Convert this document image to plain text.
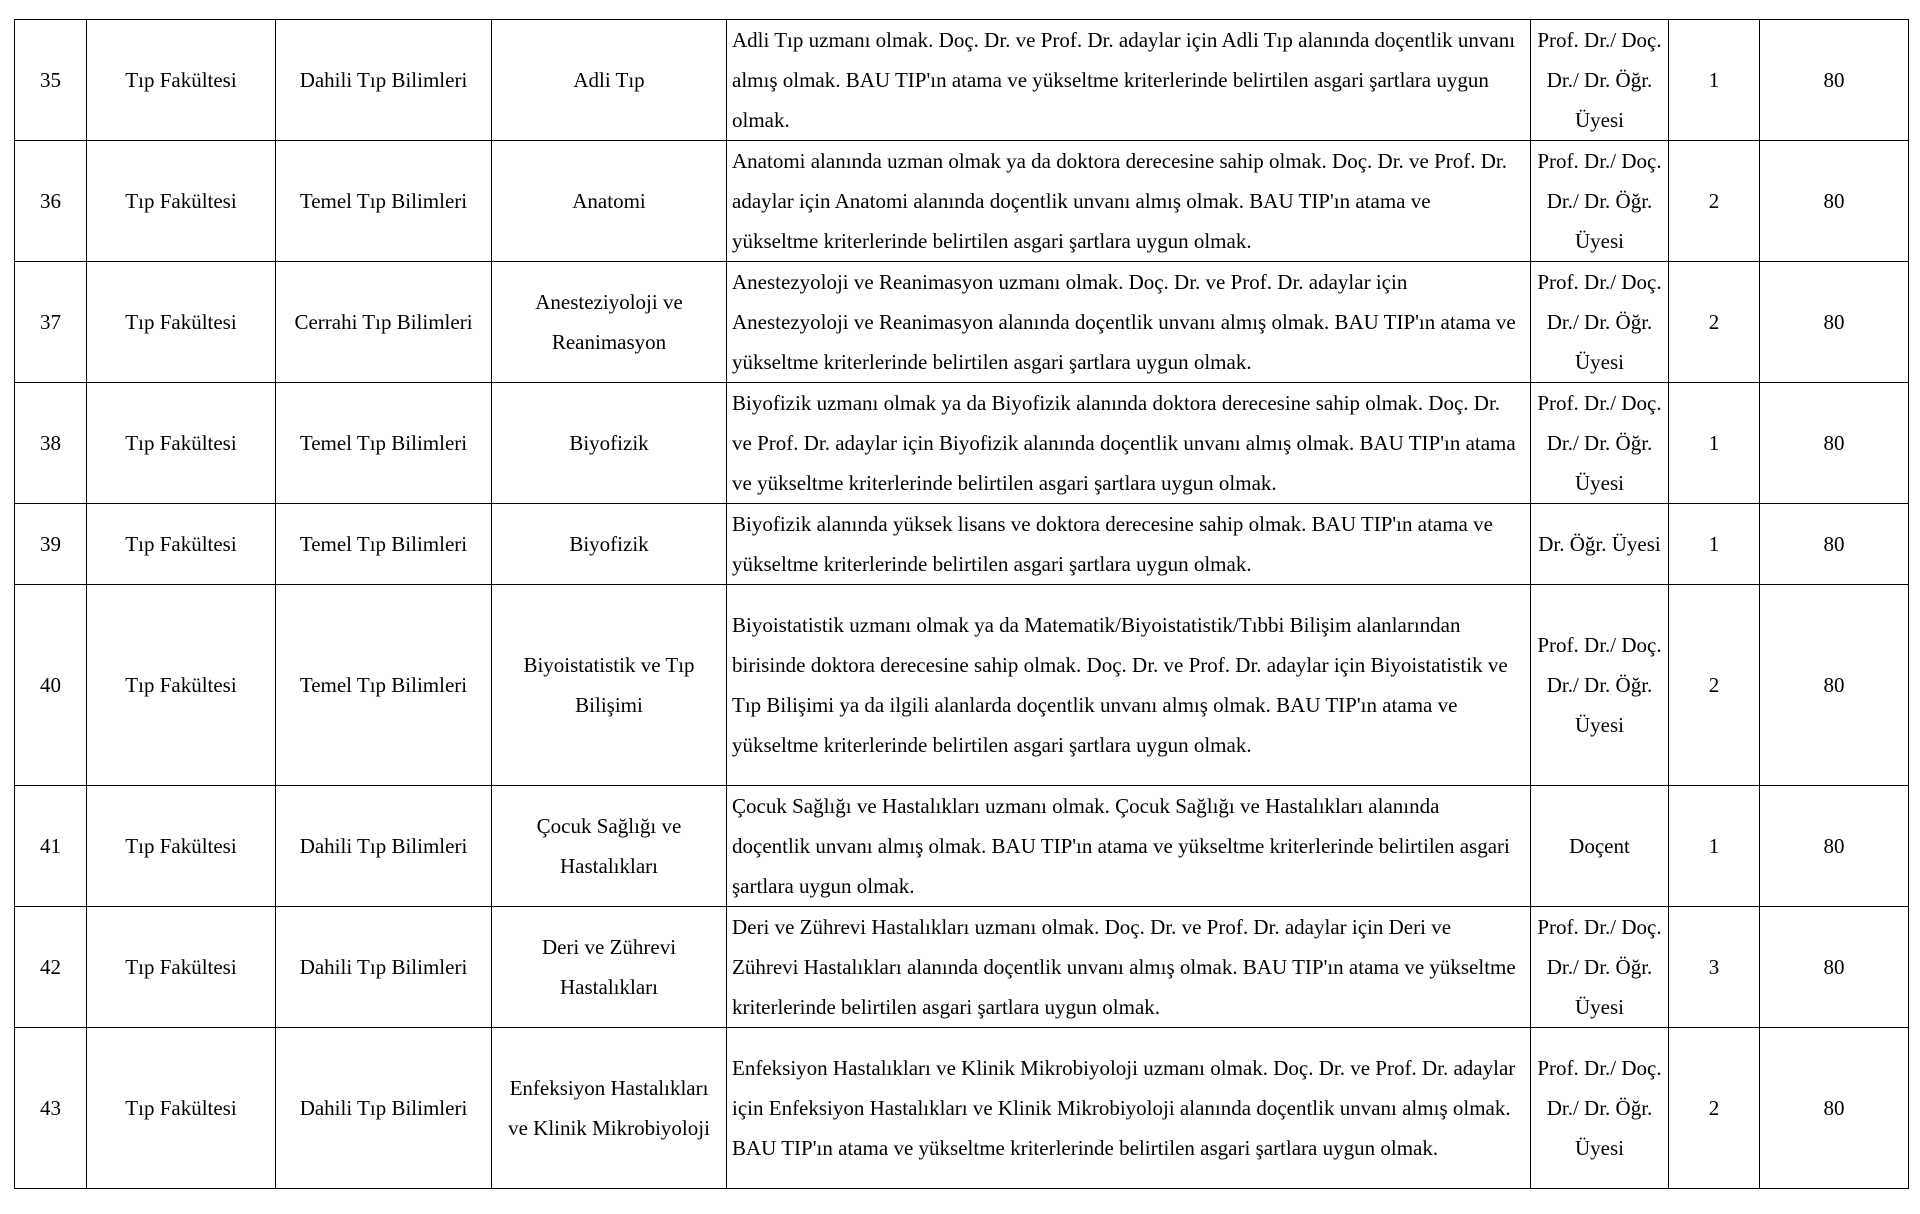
35	Tıp Fakültesi	Dahili Tıp Bilimleri	Adli Tıp	Adli Tıp uzmanı olmak. Doç. Dr. ve Prof. Dr. adaylar için Adli Tıp alanında doçentlik unvanı almış olmak. BAU TIP'ın atama ve yükseltme kriterlerinde belirtilen asgari şartlara uygun olmak.	Prof. Dr./ Doç. Dr./ Dr. Öğr. Üyesi	1	80
36	Tıp Fakültesi	Temel Tıp Bilimleri	Anatomi	Anatomi alanında uzman olmak ya da doktora derecesine sahip olmak. Doç. Dr. ve Prof. Dr. adaylar için Anatomi alanında doçentlik unvanı almış olmak. BAU TIP'ın atama ve yükseltme kriterlerinde belirtilen asgari şartlara uygun olmak.	Prof. Dr./ Doç. Dr./ Dr. Öğr. Üyesi	2	80
37	Tıp Fakültesi	Cerrahi Tıp Bilimleri	Anesteziyoloji ve Reanimasyon	Anestezyoloji ve Reanimasyon uzmanı olmak. Doç. Dr. ve Prof. Dr. adaylar için Anestezyoloji ve Reanimasyon alanında doçentlik unvanı almış olmak. BAU TIP'ın atama ve yükseltme kriterlerinde belirtilen asgari şartlara uygun olmak.	Prof. Dr./ Doç. Dr./ Dr. Öğr. Üyesi	2	80
38	Tıp Fakültesi	Temel Tıp Bilimleri	Biyofizik	Biyofizik uzmanı olmak ya da Biyofizik alanında doktora derecesine sahip olmak. Doç. Dr. ve Prof. Dr. adaylar için Biyofizik alanında doçentlik unvanı almış olmak. BAU TIP'ın atama ve yükseltme kriterlerinde belirtilen asgari şartlara uygun olmak.	Prof. Dr./ Doç. Dr./ Dr. Öğr. Üyesi	1	80
39	Tıp Fakültesi	Temel Tıp Bilimleri	Biyofizik	Biyofizik alanında yüksek lisans ve doktora derecesine sahip olmak. BAU TIP'ın atama ve yükseltme kriterlerinde belirtilen asgari şartlara uygun olmak.	Dr. Öğr. Üyesi	1	80
40	Tıp Fakültesi	Temel Tıp Bilimleri	Biyoistatistik ve Tıp Bilişimi	Biyoistatistik uzmanı olmak ya da Matematik/Biyoistatistik/Tıbbi Bilişim alanlarından birisinde doktora derecesine sahip olmak. Doç. Dr. ve Prof. Dr. adaylar için Biyoistatistik ve Tıp Bilişimi ya da ilgili alanlarda doçentlik unvanı almış olmak. BAU TIP'ın atama ve yükseltme kriterlerinde belirtilen asgari şartlara uygun olmak.	Prof. Dr./ Doç. Dr./ Dr. Öğr. Üyesi	2	80
41	Tıp Fakültesi	Dahili Tıp Bilimleri	Çocuk Sağlığı ve Hastalıkları	Çocuk Sağlığı ve Hastalıkları uzmanı olmak. Çocuk Sağlığı ve Hastalıkları alanında doçentlik unvanı almış olmak. BAU TIP'ın atama ve yükseltme kriterlerinde belirtilen asgari şartlara uygun olmak.	Doçent	1	80
42	Tıp Fakültesi	Dahili Tıp Bilimleri	Deri ve Zührevi Hastalıkları	Deri ve Zührevi Hastalıkları uzmanı olmak. Doç. Dr. ve Prof. Dr. adaylar için Deri ve Zührevi Hastalıkları alanında doçentlik unvanı almış olmak. BAU TIP'ın atama ve yükseltme kriterlerinde belirtilen asgari şartlara uygun olmak.	Prof. Dr./ Doç. Dr./ Dr. Öğr. Üyesi	3	80
43	Tıp Fakültesi	Dahili Tıp Bilimleri	Enfeksiyon Hastalıkları ve Klinik Mikrobiyoloji	Enfeksiyon Hastalıkları ve Klinik Mikrobiyoloji uzmanı olmak. Doç. Dr. ve Prof. Dr. adaylar için Enfeksiyon Hastalıkları ve Klinik Mikrobiyoloji alanında doçentlik unvanı almış olmak. BAU TIP'ın atama ve yükseltme kriterlerinde belirtilen asgari şartlara uygun olmak.	Prof. Dr./ Doç. Dr./ Dr. Öğr. Üyesi	2	80
